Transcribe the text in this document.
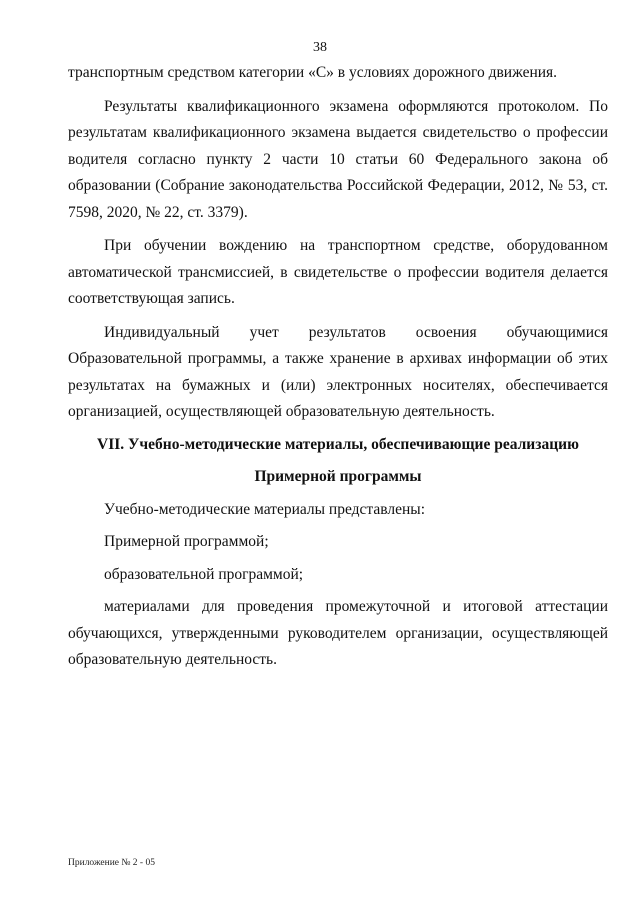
38

транспортным средством категории «С» в условиях дорожного движения.

Результаты квалификационного экзамена оформляются протоколом. По результатам квалификационного экзамена выдается свидетельство о профессии водителя согласно пункту 2 части 10 статьи 60 Федерального закона об образовании (Собрание законодательства Российской Федерации, 2012, № 53, ст. 7598, 2020, № 22, ст. 3379).

При обучении вождению на транспортном средстве, оборудованном автоматической трансмиссией, в свидетельстве о профессии водителя делается соответствующая запись.

Индивидуальный учет результатов освоения обучающимися Образовательной программы, а также хранение в архивах информации об этих результатах на бумажных и (или) электронных носителях, обеспечивается организацией, осуществляющей образовательную деятельность.

VII. Учебно-методические материалы, обеспечивающие реализацию

Примерной программы

Учебно-методические материалы представлены:

Примерной программой;

образовательной программой;

материалами для проведения промежуточной и итоговой аттестации обучающихся, утвержденными руководителем организации, осуществляющей образовательную деятельность.

Приложение № 2 - 05
